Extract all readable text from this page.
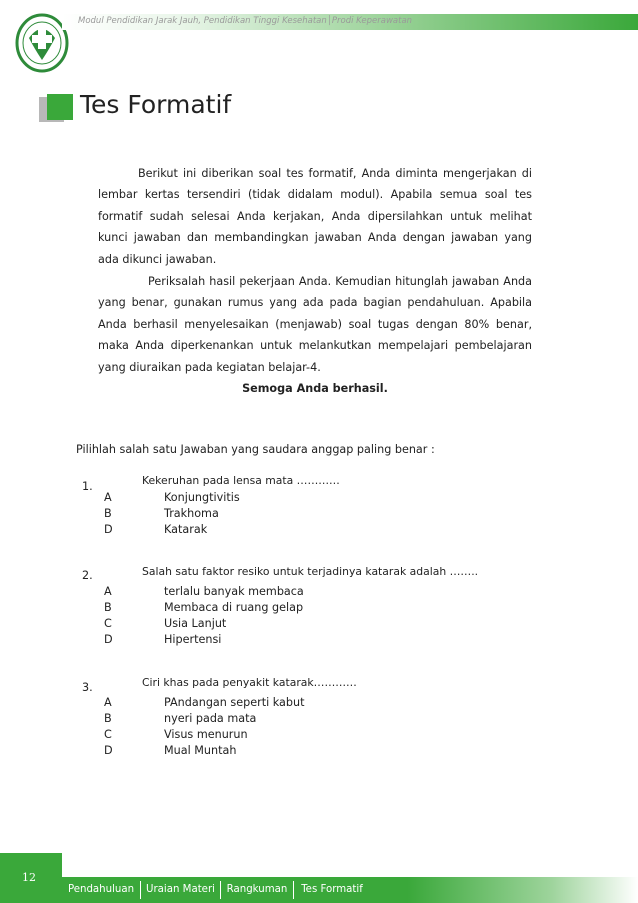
Modul Pendidikan Jarak Jauh, Pendidikan Tinggi Kesehatan│Prodi Keperawatan
Tes Formatif
Berikut ini diberikan soal tes formatif, Anda diminta mengerjakan di lembar kertas tersendiri (tidak didalam modul). Apabila semua soal tes formatif sudah selesai Anda kerjakan, Anda dipersilahkan untuk melihat kunci jawaban dan membandingkan jawaban Anda dengan jawaban yang ada dikunci jawaban.
Periksalah hasil pekerjaan Anda. Kemudian hitunglah jawaban Anda yang benar, gunakan rumus yang ada pada bagian pendahuluan. Apabila Anda berhasil menyelesaikan (menjawab) soal tugas dengan 80% benar, maka Anda diperkenankan untuk melankutkan mempelajari pembelajaran yang diuraikan pada kegiatan belajar-4.
Semoga Anda berhasil.
Pilihlah salah satu Jawaban yang saudara anggap paling benar :
1.	Kekeruhan pada lensa mata …………
A	Konjungtivitis
B	Trakhoma
D	Katarak
2.	Salah satu faktor resiko untuk terjadinya katarak adalah ……..
A	terlalu banyak membaca
B	Membaca di ruang gelap
C	Usia Lanjut
D	Hipertensi
3.	Ciri khas pada penyakit katarak…………
A	PAndangan seperti kabut
B	nyeri pada mata
C	Visus menurun
D	Mual Muntah
12
Pendahuluan	Uraian Materi	Rangkuman	Tes Formatif
